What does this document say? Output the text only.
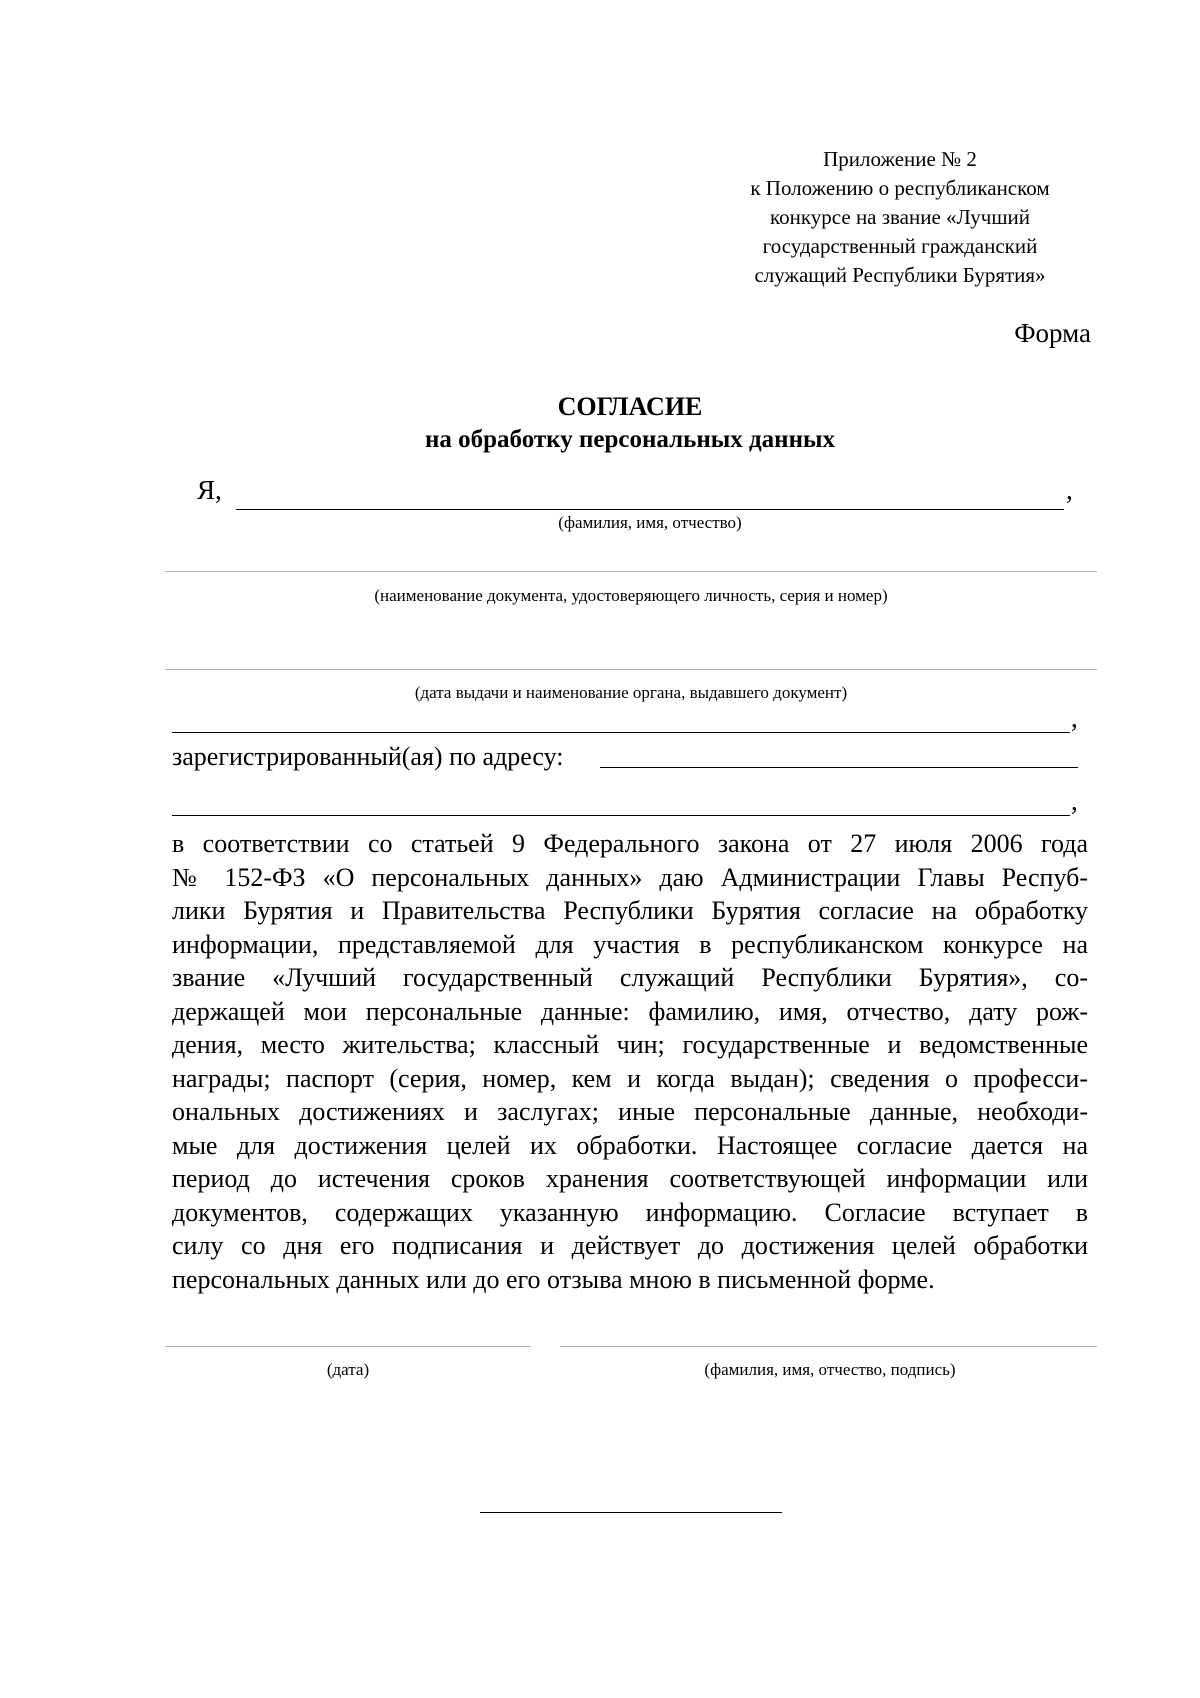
Приложение № 2
к Положению о республиканском
конкурсе на звание «Лучший
государственный гражданский
служащий Республики Бурятия»
Форма
СОГЛАСИЕ
на обработку персональных данных
Я,	,
(фамилия, имя, отчество)
(наименование документа, удостоверяющего личность, серия и номер)
(дата выдачи и наименование органа, выдавшего документ)
,
зарегистрированный(ая) по адресу:
,
в соответствии со статьей 9 Федерального закона от 27 июля 2006 года
№ 152-ФЗ «О персональных данных» даю Администрации Главы Респуб-
лики Бурятия и Правительства Республики Бурятия согласие на обработку
информации, представляемой для участия в республиканском конкурсе на
звание «Лучший государственный служащий Республики Бурятия», со-
держащей мои персональные данные: фамилию, имя, отчество, дату рож-
дения, место жительства; классный чин; государственные и ведомственные
награды; паспорт (серия, номер, кем и когда выдан); сведения о професси-
ональных достижениях и заслугах; иные персональные данные, необходи-
мые для достижения целей их обработки. Настоящее согласие дается на
период до истечения сроков хранения соответствующей информации или
документов, содержащих указанную информацию. Согласие вступает в
силу со дня его подписания и действует до достижения целей обработки
персональных данных или до его отзыва мною в письменной форме.
(дата)	(фамилия, имя, отчество, подпись)
